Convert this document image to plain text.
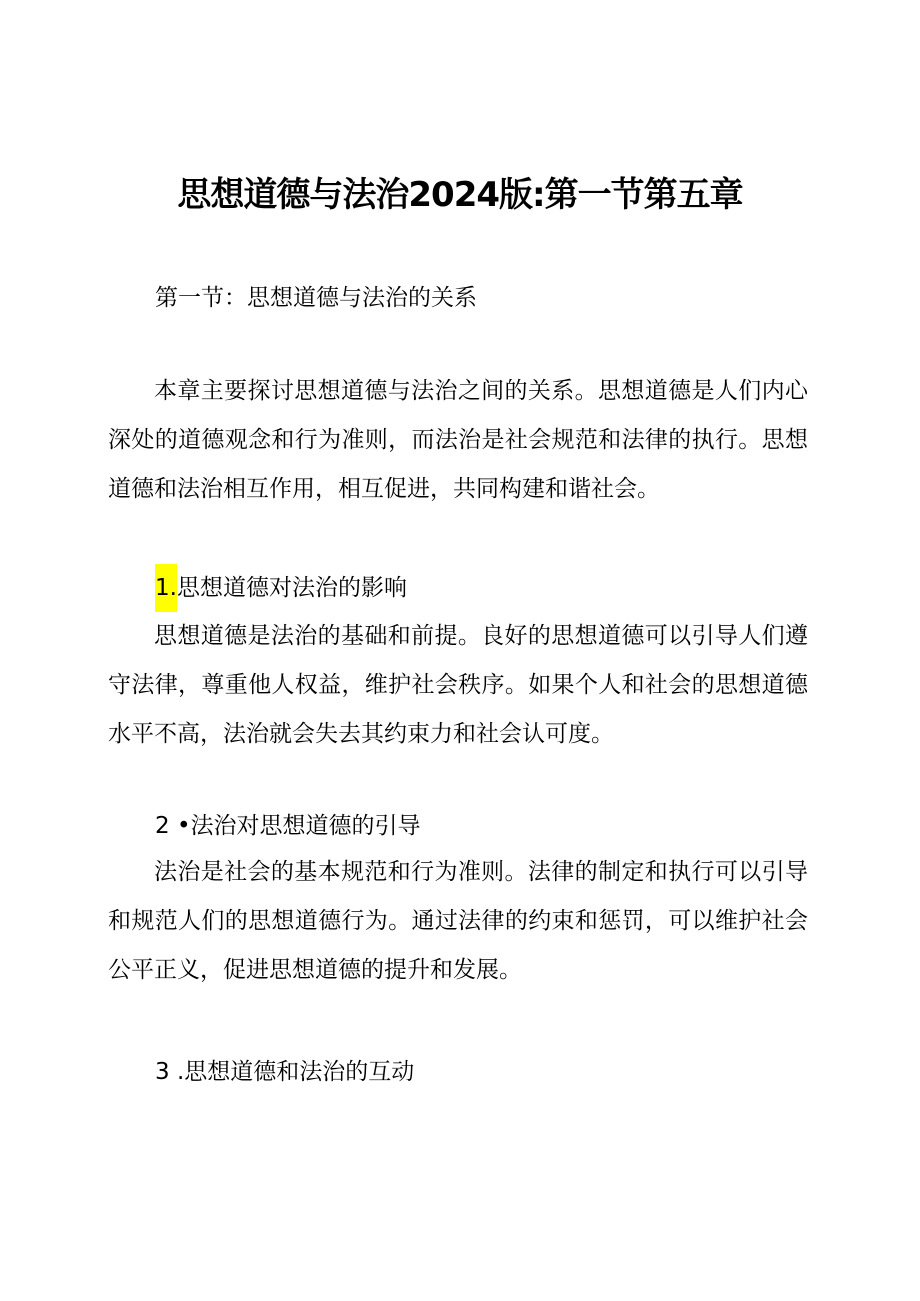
思想道德与法治2024版:第一节第五章
第一节：思想道德与法治的关系

本章主要探讨思想道德与法治之间的关系。思想道德是人们内心深处的道德观念和行为准则，而法治是社会规范和法律的执行。思想道德和法治相互作用，相互促进，共同构建和谐社会。

1.思想道德对法治的影响

思想道德是法治的基础和前提。良好的思想道德可以引导人们遵守法律，尊重他人权益，维护社会秩序。如果个人和社会的思想道德水平不高，法治就会失去其约束力和社会认可度。

2 •法治对思想道德的引导

法治是社会的基本规范和行为准则。法律的制定和执行可以引导和规范人们的思想道德行为。通过法律的约束和惩罚，可以维护社会公平正义，促进思想道德的提升和发展。

3 .思想道德和法治的互动
